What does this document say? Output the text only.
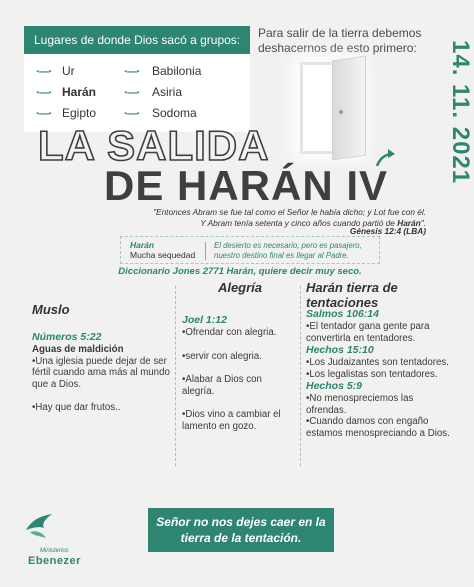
Lugares de donde Dios sacó a grupos:
·—· Ur
·—· Harán
·—· Egipto
·—· Babilonia
·—· Asiria
·—· Sodoma
Para salir de la tierra debemos deshacernos de esto primero:	14. 11. 2021
LA SALIDA
DE HARÁN IV
"Entonces Abram se fue tal como el Señor le había dicho; y Lot fue con él.
Y Abram tenía setenta y cinco años cuando partió de Harán".
Génesis 12:4 (LBA)
Harán
Mucha sequedad
El desierto es necesario, pero es pasajero, nuestro destino final es llegar al Padre.
Diccionario Jones 2771 Harán, quiere decir muy seco.
Muslo
Números 5:22
Aguas de maldición
•Una iglesia puede dejar de ser fértil cuando ama más al mundo que a Dios.
•Hay que dar frutos..
Alegría
Joel 1:12
•Ofrendar con alegria.
•servir con alegria.
•Alabar a Dios con alegría.
•Dios vino a cambiar el lamento en gozo.
Harán tierra de tentaciones
Salmos 106:14
•El tentador gana gente para convertirla en tentadores.
Hechos 15:10
•Los Judaizantes son tentadores.
•Los legalistas son tentadores.
Hechos 5:9
•No menospreciemos las ofrendas.
•Cuando damos con engaño estamos menospreciando a Dios.
Señor no nos dejes caer en la tierra de la tentación.
Ministerios
Ebenezer
